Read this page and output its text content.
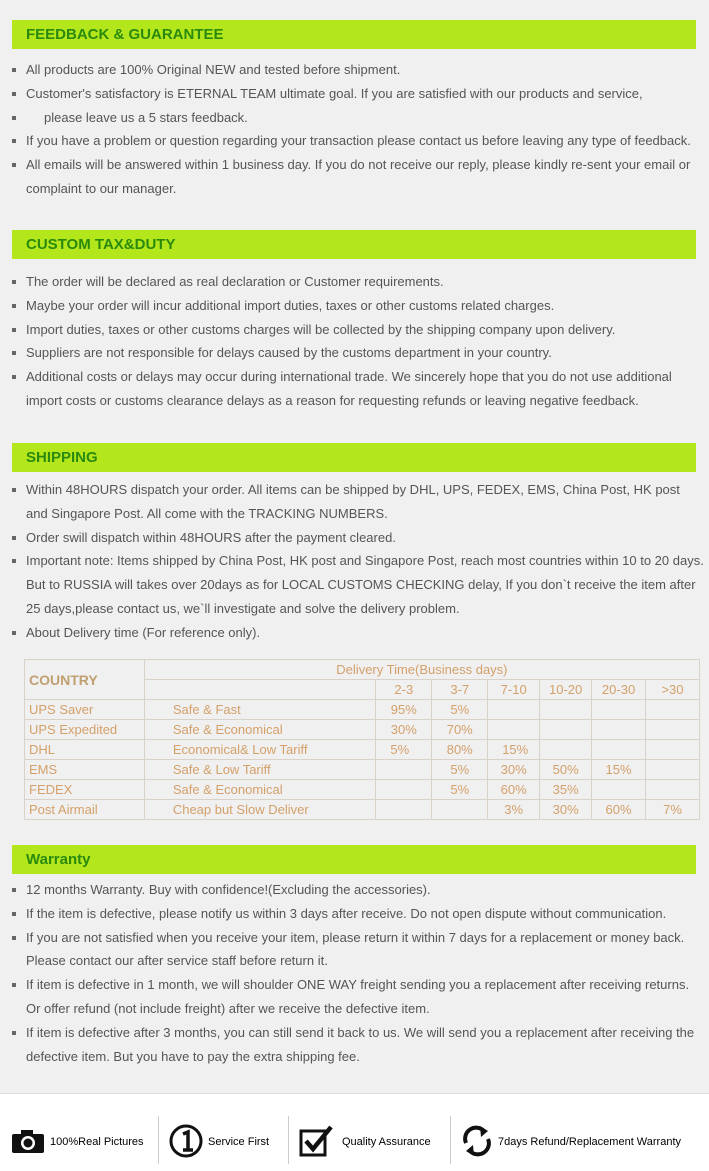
FEEDBACK & GUARANTEE
All products are 100% Original NEW and tested before shipment.
Customer's satisfactory is ETERNAL TEAM ultimate goal. If you are satisfied with our products and service,
please leave us a 5 stars feedback.
If you have a problem or question regarding your transaction please contact us before leaving any type of feedback.
All emails will be answered within 1 business day. If you do not receive our reply, please kindly re-sent your email or complaint to our manager.
CUSTOM TAX&DUTY
The order will be declared as real declaration or Customer requirements.
Maybe your order will incur additional import duties, taxes or other customs related charges.
Import duties, taxes or other customs charges will be collected by the shipping company upon delivery.
Suppliers are not responsible for delays caused by the customs department in your country.
Additional costs or delays may occur during international trade. We sincerely hope that you do not use additional import costs or customs clearance delays as a reason for requesting refunds or leaving negative feedback.
SHIPPING
Within 48HOURS dispatch your order. All items can be shipped by DHL, UPS, FEDEX, EMS, China Post, HK post and Singapore Post. All come with the TRACKING NUMBERS.
Order swill dispatch within 48HOURS after the payment cleared.
Important note: Items shipped by China Post, HK post and Singapore Post, reach most countries within 10 to 20 days. But to RUSSIA will takes over 20days as for LOCAL CUSTOMS CHECKING delay, If you don`t receive the item after 25 days,please contact us, we`ll investigate and solve the delivery problem.
About Delivery time (For reference only).
COUNTRY	Delivery Time(Business days)						
		2-3	3-7	7-10	10-20	20-30	>30
UPS Saver	Safe & Fast	95%	5%				
UPS Expedited	Safe & Economical	30%	70%				
DHL	Economical& Low Tariff	5%	80%	15%			
EMS	Safe & Low Tariff		5%	30%	50%	15%	
FEDEX	Safe & Economical		5%	60%	35%		
Post Airmail	Cheap but Slow Deliver			3%	30%	60%	7%
Warranty
12 months Warranty. Buy with confidence!(Excluding the accessories).
If the item is defective, please notify us within 3 days after receive. Do not open dispute without communication.
If you are not satisfied when you receive your item, please return it within 7 days for a replacement or money back. Please contact our after service staff before return it.
If item is defective in 1 month, we will shoulder ONE WAY freight sending you a replacement after receiving returns. Or offer refund (not include freight) after we receive the defective item.
If item is defective after 3 months, you can still send it back to us. We will send you a replacement after receiving the defective item. But you have to pay the extra shipping fee.
100%Real Pictures	Service First	Quality Assurance	7days Refund/Replacement Warranty
